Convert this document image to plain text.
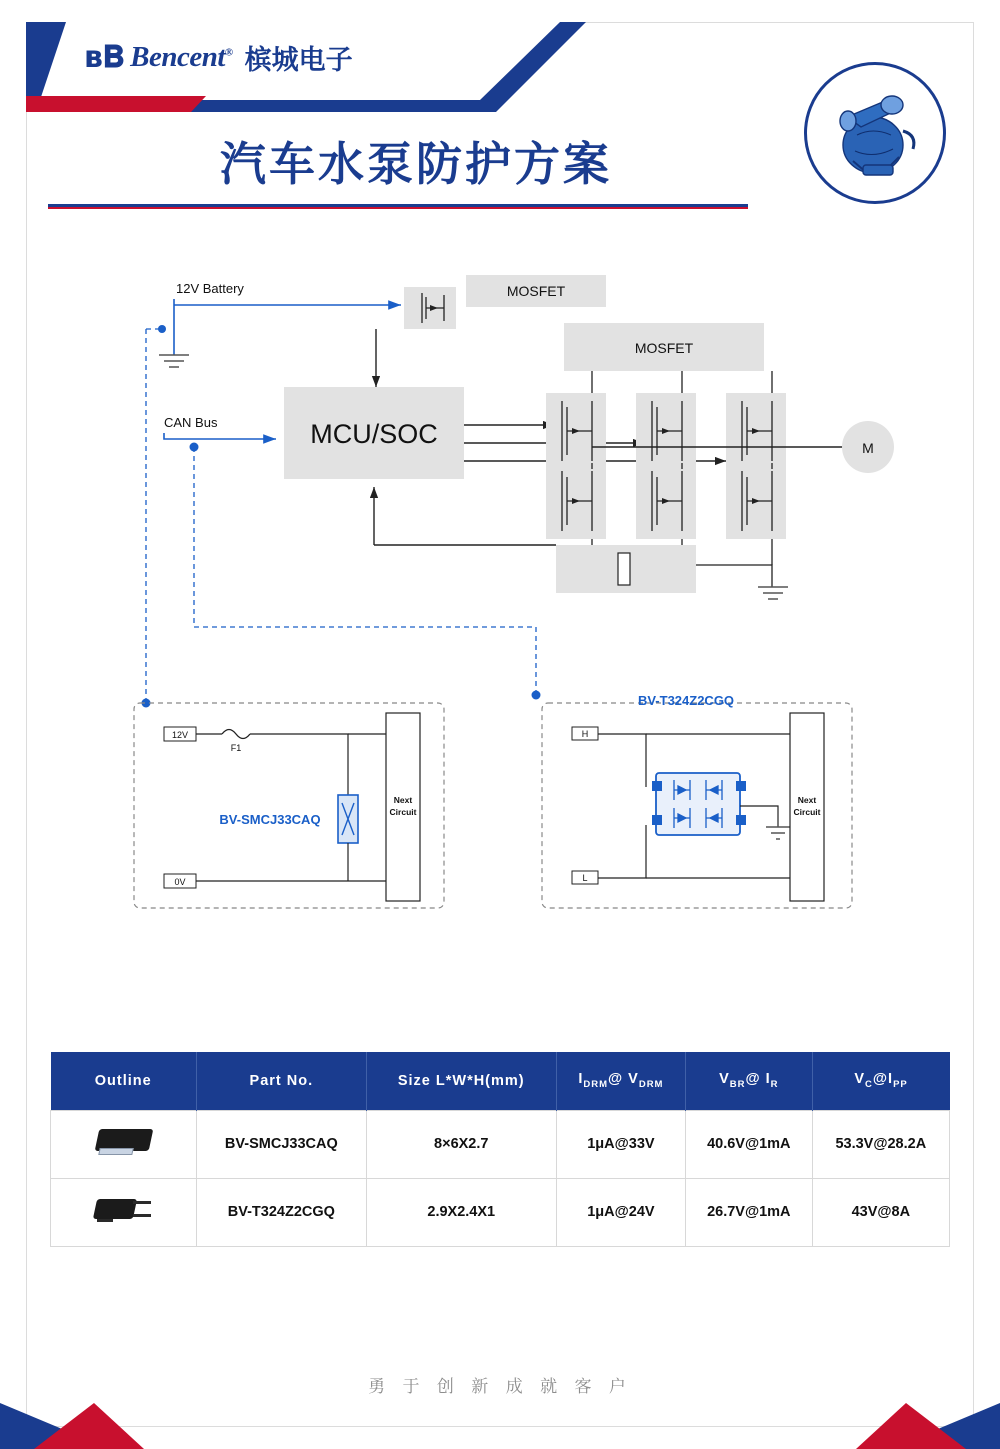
ʙ𝐁 Bencent® 槟城电子
汽车水泵防护方案
12V Battery	MOSFET
MOSFET
MCU/SOC
CAN Bus
M
12V
F1
BV-SMCJ33CAQ
0V
Next
Circuit
H
L
BV-T324Z2CGQ
Next
Circuit
Outline	Part No.	Size L*W*H(mm)	$I_{DRM}@$ $V_{DRM}$	$V_{BR}@$ $I_R$	$V_C@I_{PP}$

	BV-SMCJ33CAQ	8×6X2.7	1μA@33V	40.6V@1mA	53.3V@28.2A

	BV-T324Z2CGQ	2.9X2.4X1	1μA@24V	26.7V@1mA	43V@8A
勇 于 创 新 成 就 客 户
